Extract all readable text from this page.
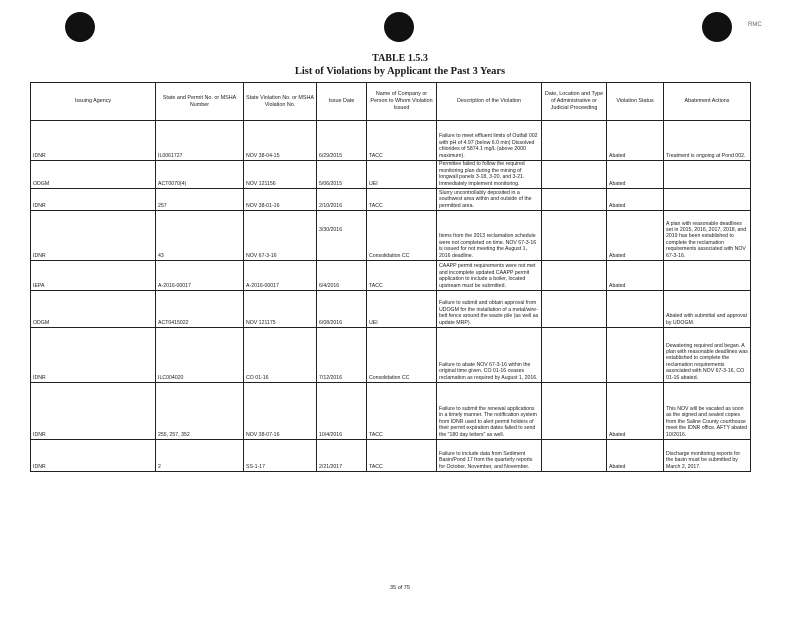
RMC
TABLE 1.5.3
List of Violations by Applicant the Past 3 Years
Issuing Agency	State and Permit No. or MSHA Number	State Violation No. or MSHA Violation No.	Issue Date	Name of Company or Person to Whom Violation Issued	Description of the Violation	Date, Location and Type of Administrative or Judicial Proceeding	Violation Status	Abatement Actions
IDNR	IL0061727	NOV 38-04-15	6/29/2015	TACC	Failure to meet effluent limits of Outfall 002 with pH of 4.97 (below 6.0 min) Dissolved chlorides of 5874.1 mg/L (above 2000 maximum).		Abated	Treatment is ongoing at Pond 002.
ODGM	ACT0070(4)	NOV 121156	5/06/2015	UEI	Permittee failed to follow the required monitoring plan during the mining of longwall panels 3-18, 3-20, and 3-21. Immediately implement monitoring.		Abated	
IDNR	257	NOV 38-01-16	2/10/2016	TACC	Slurry uncontrollably deposited in a southwest area within and outside of the permitted area.		Abated	
IDNR	43	NOV 67-3-16	3/30/2016	Consolidation CC	Items from the 2013 reclamation schedule were not completed on time. NOV 67-3-16 is issued for not meeting the August 1, 2016 deadline.		Abated	A plan with reasonable deadlines set in 2015, 2016, 2017, 2018, and 2019 has been established to complete the reclamation requirements associated with NOV 67-3-16.
IEPA	A-2016-00017	A-2016-00017	6/4/2016	TACC	CAAPP permit requirements were not met and incomplete updated CAAPP permit application to include a boiler, located upstream must be submitted.		Abated	
ODGM	ACT0415022	NOV 121175	6/08/2016	UEI	Failure to submit and obtain approval from UDOGM for the installation of a metal/wire-belt fence around the waste pile (as well as update MRP).			Abated with submittal and approval by UDOGM.
IDNR	ILC004020	CO 01-16	7/12/2016	Consolidation CC	Failure to abate NOV 67-3-16 within the original time given. CO 01-16 ceases reclamation as required by August 1, 2016.			Dewatering required and began. A plan with reasonable deadlines was established to complete the reclamation requirements associated with NOV 67-3-16, CO 01-16 abated.
IDNR	255, 257, 352	NOV 38-07-16	10/4/2016	TACC	Failure to submit the renewal applications in a timely manner. The notification system from IDNR used to alert permit holders of their permit expiration dates failed to send the "180 day letters" as well.		Abated	This NOV will be vacated as soon as the signed and sealed copies from the Saline County courthouse meet the IDNR office. AFTY abated 10/2016.
IDNR	2	SS-1-17	2/21/2017	TACC	Failure to include data from Sediment Basin/Pond 17 from the quarterly reports for October, November, and November.		Abated	Discharge monitoring reports for the basin must be submitted by March 2, 2017.
35 of 75
